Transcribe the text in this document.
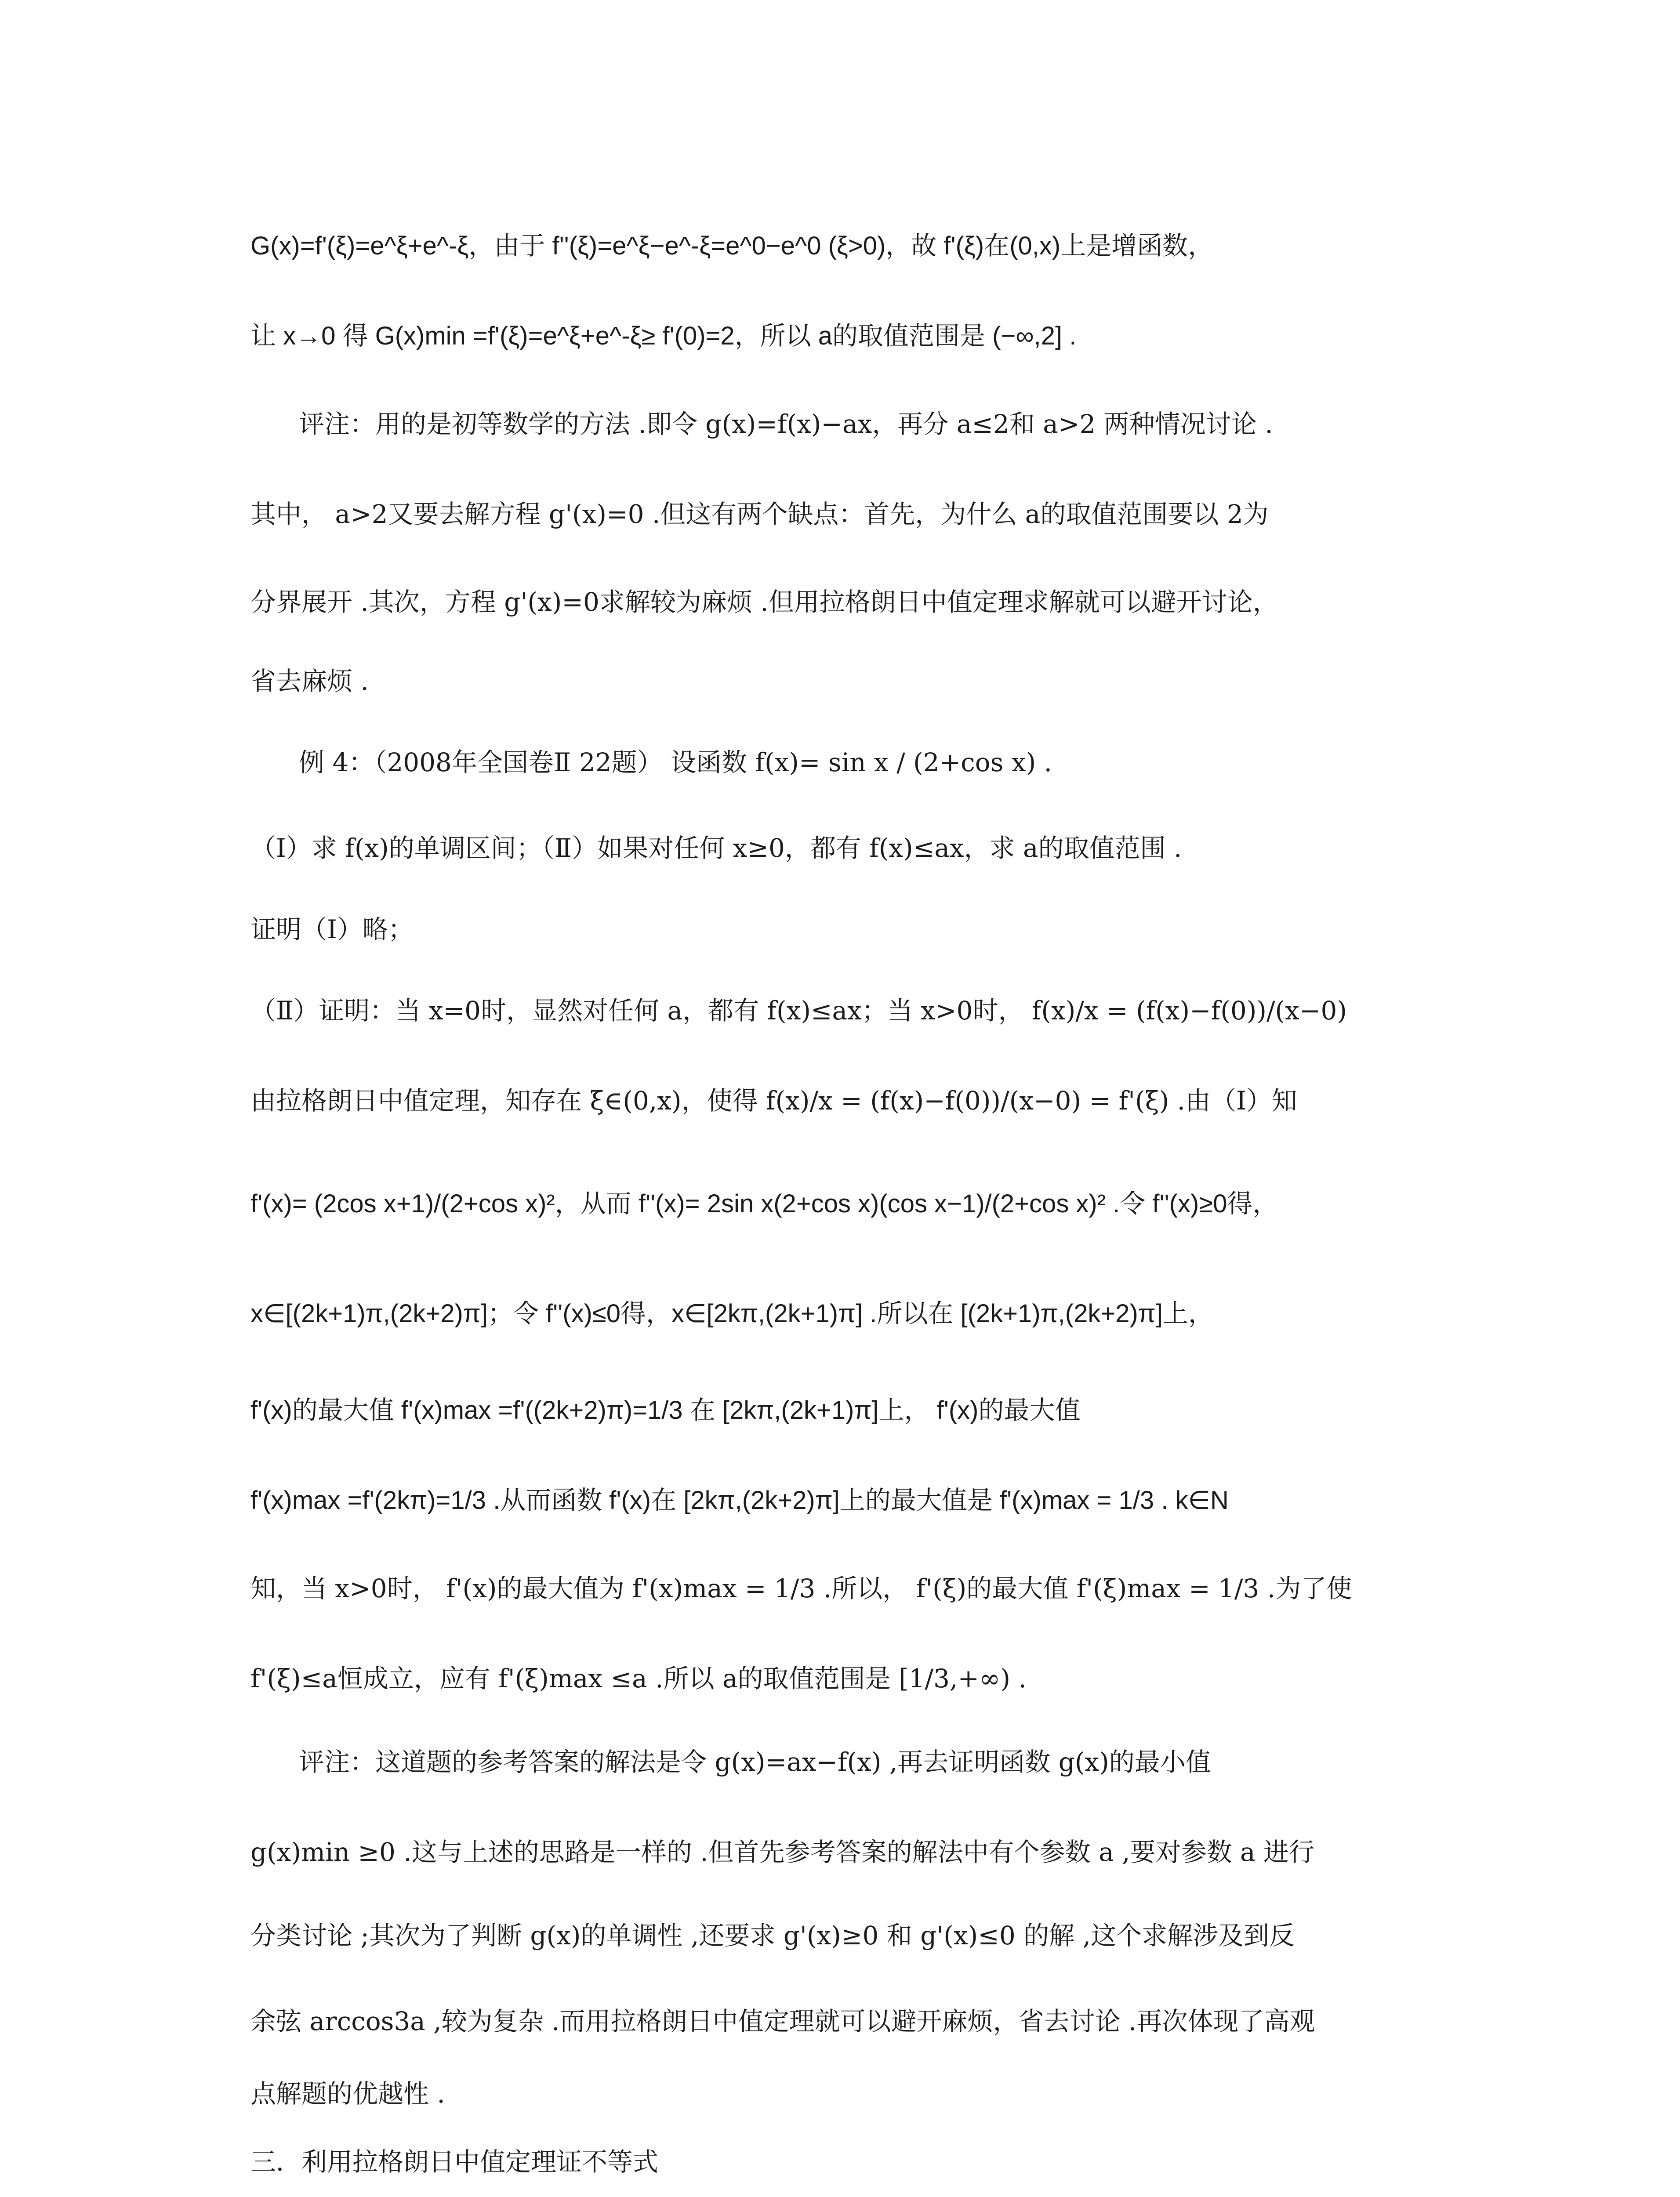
G(x)=f'(ξ)=e^ξ+e^-ξ，由于 f''(ξ)=e^ξ−e^-ξ=e^0−e^0 (ξ>0)，故 f'(ξ)在(0,x)上是增函数，
让 x→0 得 G(x)min =f'(ξ)=e^ξ+e^-ξ≥ f'(0)=2，所以 a的取值范围是 (−∞,2] .
评注：用的是初等数学的方法 .即令 g(x)=f(x)−ax，再分 a≤2和 a>2 两种情况讨论 .
其中， a>2又要去解方程 g'(x)=0 .但这有两个缺点：首先，为什么 a的取值范围要以 2为
分界展开 .其次，方程 g'(x)=0求解较为麻烦 .但用拉格朗日中值定理求解就可以避开讨论，
省去麻烦 .
例 4：（2008年全国卷Ⅱ 22题） 设函数 f(x)= sin x / (2+cos x) .
（Ⅰ）求 f(x)的单调区间；（Ⅱ）如果对任何 x≥0，都有 f(x)≤ax，求 a的取值范围 .
证明（Ⅰ）略；
（Ⅱ）证明：当 x=0时，显然对任何 a，都有 f(x)≤ax；当 x>0时， f(x)/x = (f(x)−f(0))/(x−0)
由拉格朗日中值定理，知存在 ξ∈(0,x)，使得 f(x)/x = (f(x)−f(0))/(x−0) = f'(ξ) .由（Ⅰ）知
f'(x)= (2cos x+1)/(2+cos x)²，从而 f''(x)= 2sin x(2+cos x)(cos x−1)/(2+cos x)² .令 f''(x)≥0得，
x∈[(2k+1)π,(2k+2)π]；令 f''(x)≤0得，x∈[2kπ,(2k+1)π] .所以在 [(2k+1)π,(2k+2)π]上，
f'(x)的最大值 f'(x)max =f'((2k+2)π)=1/3 在 [2kπ,(2k+1)π]上， f'(x)的最大值
f'(x)max =f'(2kπ)=1/3 .从而函数 f'(x)在 [2kπ,(2k+2)π]上的最大值是 f'(x)max = 1/3 . k∈N
知，当 x>0时， f'(x)的最大值为 f'(x)max = 1/3 .所以， f'(ξ)的最大值 f'(ξ)max = 1/3 .为了使
f'(ξ)≤a恒成立，应有 f'(ξ)max ≤a .所以 a的取值范围是 [1/3,+∞) .
评注：这道题的参考答案的解法是令 g(x)=ax−f(x) ,再去证明函数 g(x)的最小值
g(x)min ≥0 .这与上述的思路是一样的 .但首先参考答案的解法中有个参数 a ,要对参数 a 进行
分类讨论 ;其次为了判断 g(x)的单调性 ,还要求 g'(x)≥0 和 g'(x)≤0 的解 ,这个求解涉及到反
余弦 arccos3a ,较为复杂 .而用拉格朗日中值定理就可以避开麻烦，省去讨论 .再次体现了高观
点解题的优越性 .
三．利用拉格朗日中值定理证不等式
